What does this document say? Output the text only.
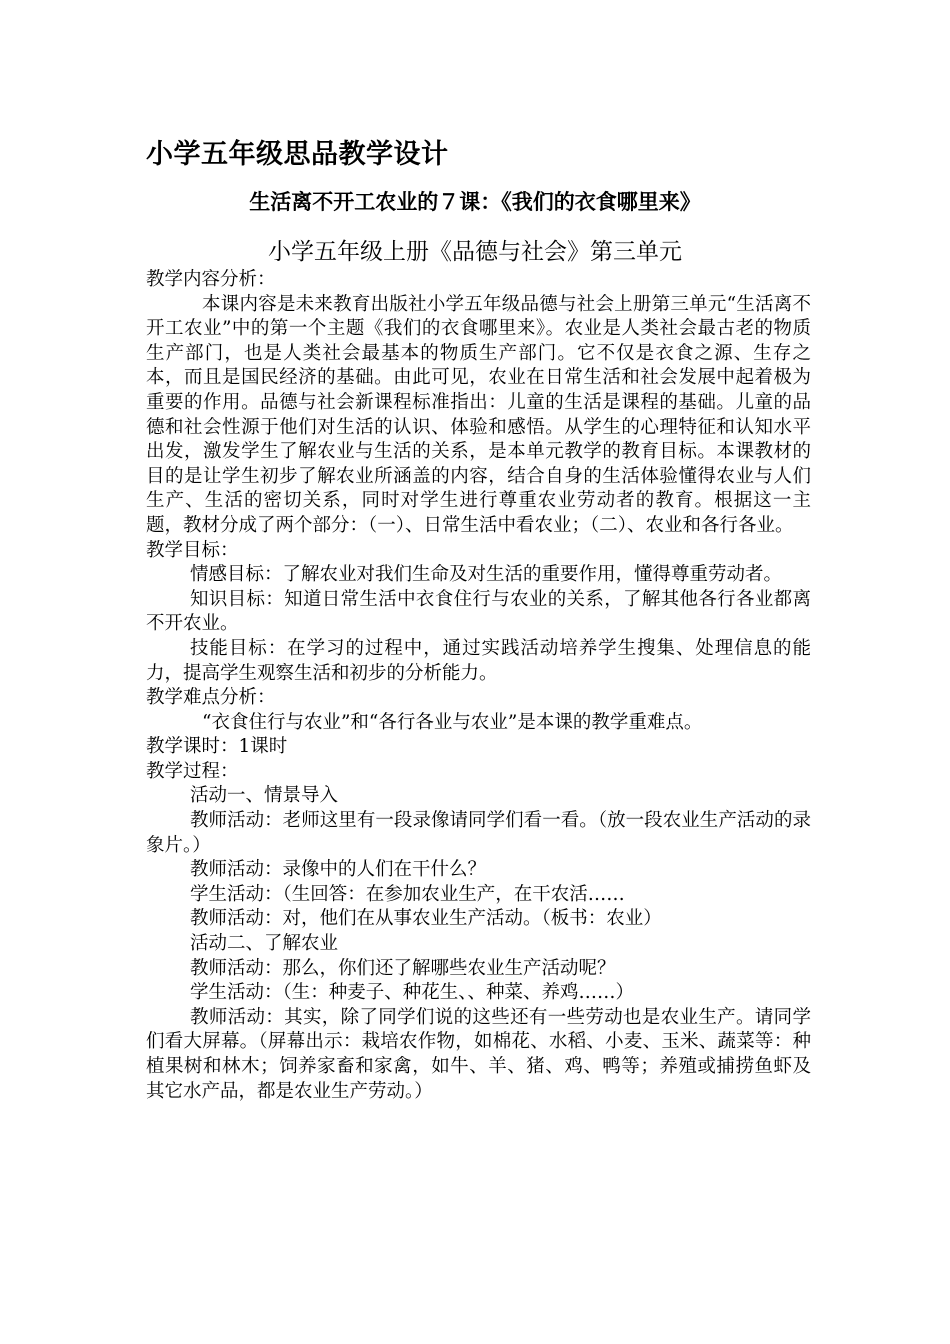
小学五年级思品教学设计
生活离不开工农业的７课：《我们的衣食哪里来》
小学五年级上册《品德与社会》第三单元

教学内容分析：

本课内容是未来教育出版社小学五年级品德与社会上册第三单元“生活离不开工农业”中的第一个主题《我们的衣食哪里来》。农业是人类社会最古老的物质生产部门，也是人类社会最基本的物质生产部门。它不仅是衣食之源、生存之本，而且是国民经济的基础。由此可见，农业在日常生活和社会发展中起着极为重要的作用。品德与社会新课程标准指出：儿童的生活是课程的基础。儿童的品德和社会性源于他们对生活的认识、体验和感悟。从学生的心理特征和认知水平出发，激发学生了解农业与生活的关系，是本单元教学的教育目标。本课教材的目的是让学生初步了解农业所涵盖的内容，结合自身的生活体验懂得农业与人们生产、生活的密切关系，同时对学生进行尊重农业劳动者的教育。根据这一主题，教材分成了两个部分：（一）、日常生活中看农业；（二）、农业和各行各业。

教学目标：

情感目标：了解农业对我们生命及对生活的重要作用，懂得尊重劳动者。

知识目标：知道日常生活中衣食住行与农业的关系，了解其他各行各业都离不开农业。

技能目标：在学习的过程中，通过实践活动培养学生搜集、处理信息的能力，提高学生观察生活和初步的分析能力。

教学难点分析：

“衣食住行与农业”和“各行各业与农业”是本课的教学重难点。

教学课时：1课时

教学过程：

活动一、情景导入

教师活动：老师这里有一段录像请同学们看一看。（放一段农业生产活动的录象片。）

教师活动：录像中的人们在干什么？

学生活动：（生回答：在参加农业生产，在干农活……

教师活动：对，他们在从事农业生产活动。（板书：农业）

活动二、了解农业

教师活动：那么，你们还了解哪些农业生产活动呢？

学生活动：（生：种麦子、种花生、、种菜、养鸡……）

教师活动：其实，除了同学们说的这些还有一些劳动也是农业生产。请同学们看大屏幕。（屏幕出示：栽培农作物，如棉花、水稻、小麦、玉米、蔬菜等：种植果树和林木；饲养家畜和家禽，如牛、羊、猪、鸡、鸭等；养殖或捕捞鱼虾及其它水产品，都是农业生产劳动。）
